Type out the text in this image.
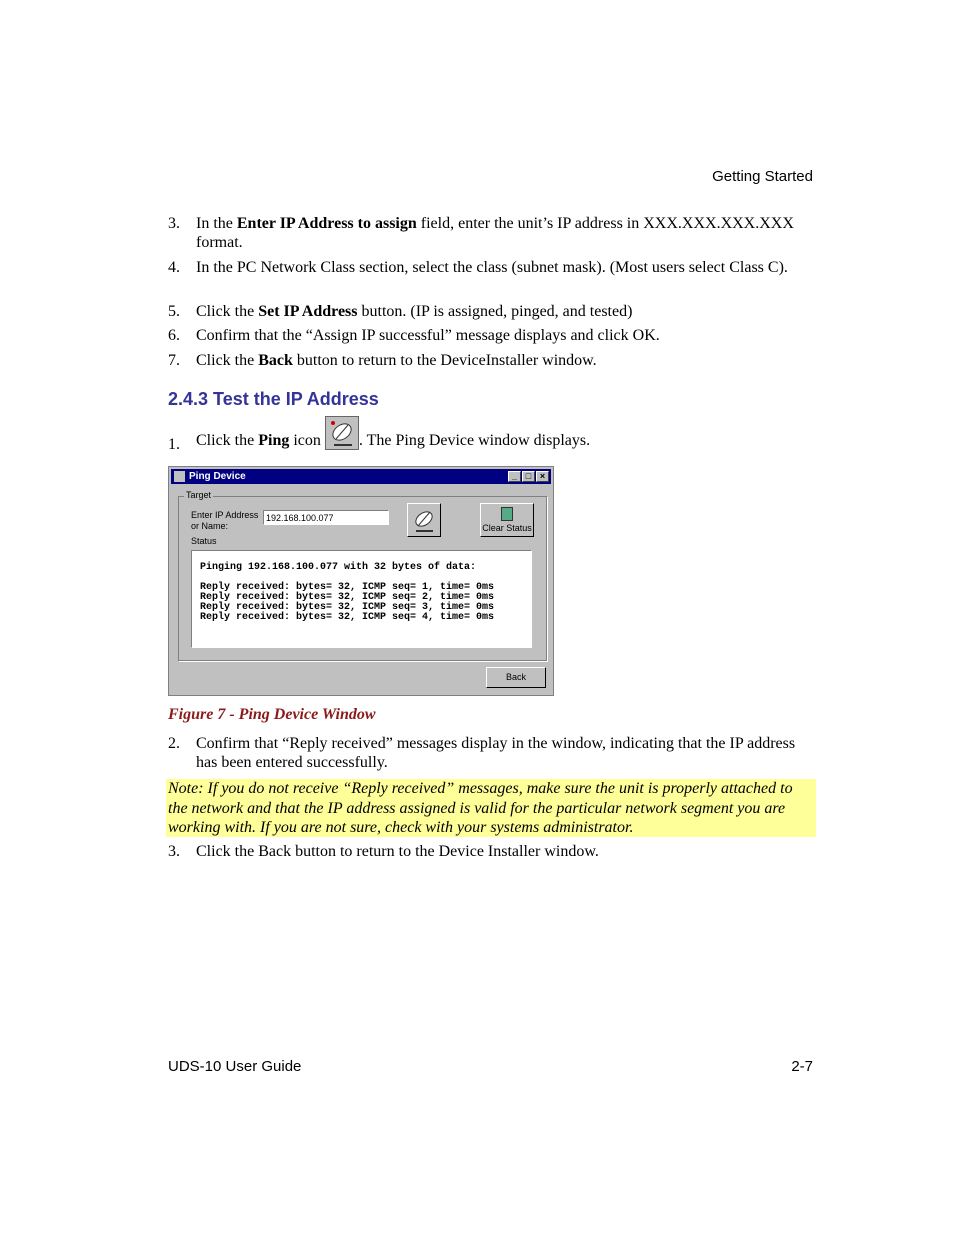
Getting Started
3. In the Enter IP Address to assign field, enter the unit’s IP address in XXX.XXX.XXX.XXX format.
4. In the PC Network Class section, select the class (subnet mask). (Most users select Class C).
5. Click the Set IP Address button. (IP is assigned, pinged, and tested)
6. Confirm that the “Assign IP successful” message displays and click OK.
7. Click the Back button to return to the DeviceInstaller window.
2.4.3 Test the IP Address
1. Click the Ping icon . The Ping Device window displays.
Ping Device	_ □ ×
Target
Enter IP Address
or Name:
192.168.100.077
Clear Status
Status
Pinging 192.168.100.077 with 32 bytes of data:
Reply received: bytes= 32, ICMP seq= 1, time= 0ms
Reply received: bytes= 32, ICMP seq= 2, time= 0ms
Reply received: bytes= 32, ICMP seq= 3, time= 0ms
Reply received: bytes= 32, ICMP seq= 4, time= 0ms
Back
Figure 7 - Ping Device Window
2. Confirm that “Reply received” messages display in the window, indicating that the IP address has been entered successfully.
Note: If you do not receive “Reply received” messages, make sure the unit is properly attached to the network and that the IP address assigned is valid for the particular network segment you are working with. If you are not sure, check with your systems administrator.
3. Click the Back button to return to the Device Installer window.
UDS-10 User Guide	2-7
